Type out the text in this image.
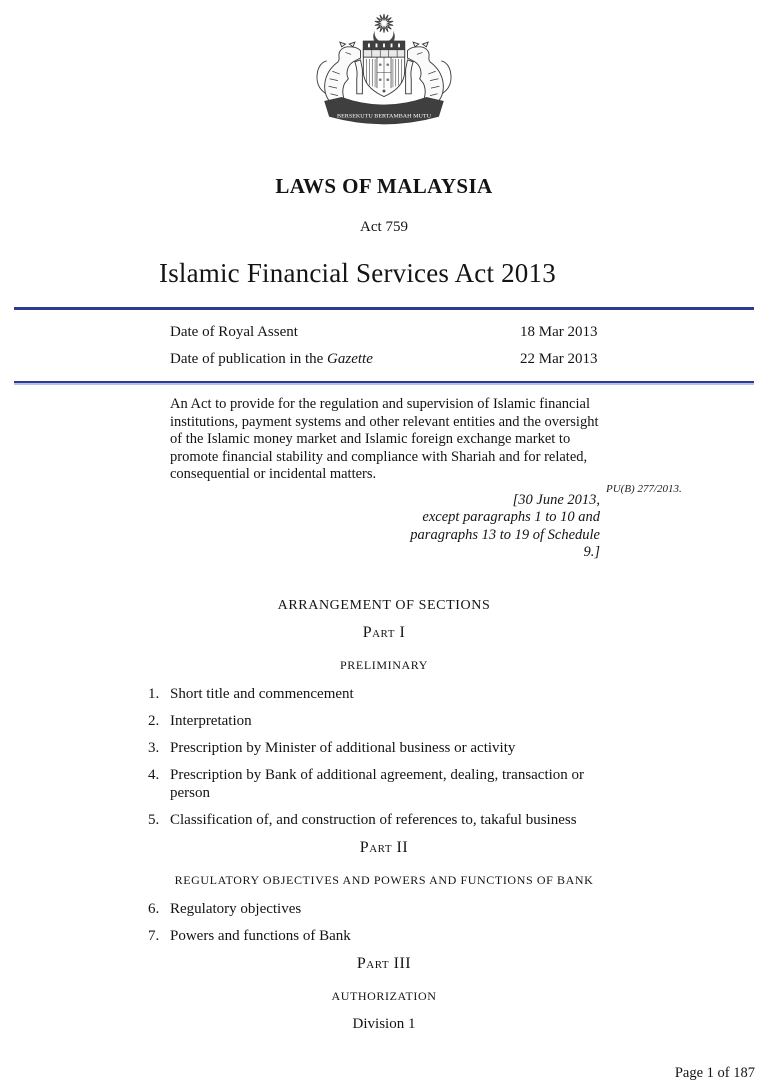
BERSEKUTU BERTAMBAH MUTU
LAWS OF MALAYSIA
Act 759
Islamic Financial Services Act 2013
Date of Royal Assent	18 Mar 2013
Date of publication in the Gazette	22 Mar 2013
An Act to provide for the regulation and supervision of Islamic financial institutions, payment systems and other relevant entities and the oversight of the Islamic money market and Islamic foreign exchange market to promote financial stability and compliance with Shariah and for related, consequential or incidental matters.
[30 June 2013,
except paragraphs 1 to 10 and
paragraphs 13 to 19 of Schedule
9.]
PU(B) 277/2013.
ARRANGEMENT OF SECTIONS
Part I
PRELIMINARY
1. Short title and commencement
2. Interpretation
3. Prescription by Minister of additional business or activity
4. Prescription by Bank of additional agreement, dealing, transaction or person
5. Classification of, and construction of references to, takaful business
Part II
REGULATORY OBJECTIVES AND POWERS AND FUNCTIONS OF BANK
6. Regulatory objectives
7. Powers and functions of Bank
Part III
AUTHORIZATION
Division 1
Page 1 of 187
